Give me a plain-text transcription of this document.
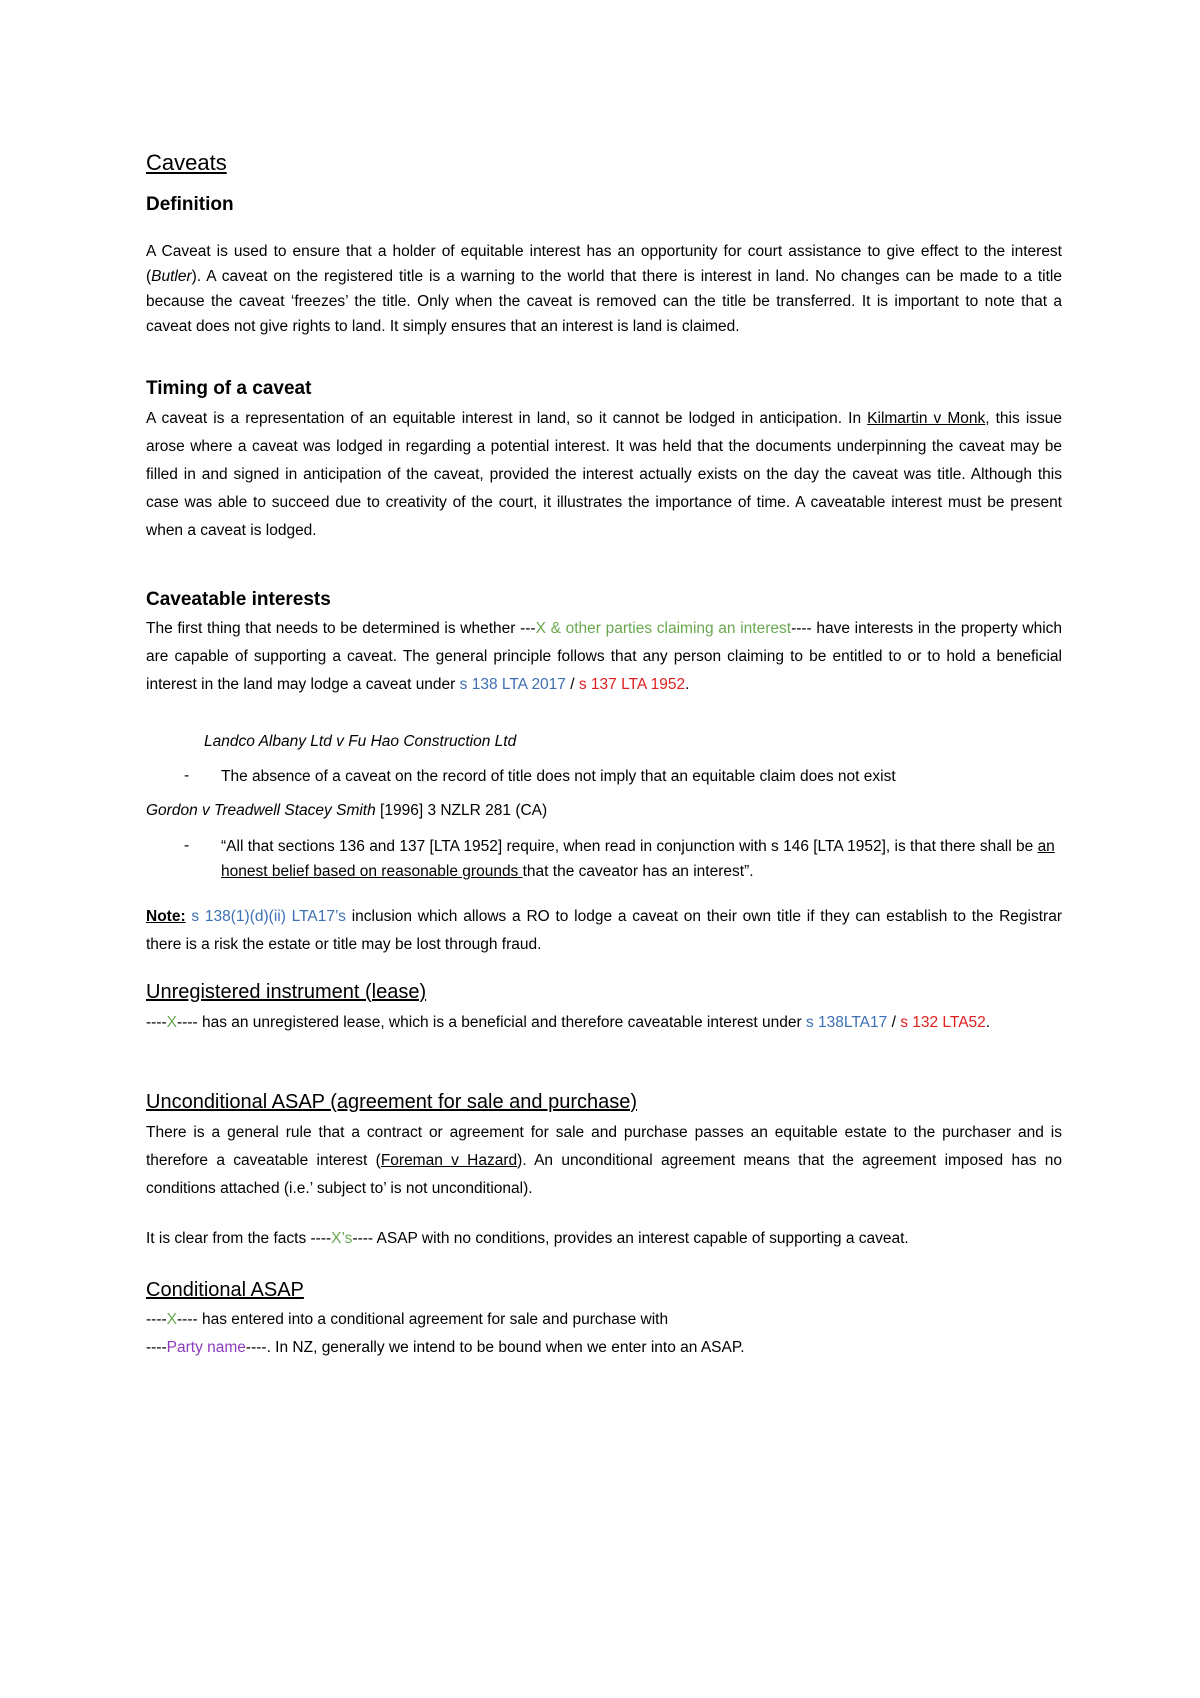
Caveats
Definition
A Caveat is used to ensure that a holder of equitable interest has an opportunity for court assistance to give effect to the interest (Butler). A caveat on the registered title is a warning to the world that there is interest in land. No changes can be made to a title because the caveat ‘freezes’ the title. Only when the caveat is removed can the title be transferred. It is important to note that a caveat does not give rights to land. It simply ensures that an interest is land is claimed.
Timing of a caveat
A caveat is a representation of an equitable interest in land, so it cannot be lodged in anticipation. In Kilmartin v Monk, this issue arose where a caveat was lodged in regarding a potential interest. It was held that the documents underpinning the caveat may be filled in and signed in anticipation of the caveat, provided the interest actually exists on the day the caveat was title. Although this case was able to succeed due to creativity of the court, it illustrates the importance of time. A caveatable interest must be present when a caveat is lodged.
Caveatable interests
The first thing that needs to be determined is whether ---X & other parties claiming an interest---- have interests in the property which are capable of supporting a caveat. The general principle follows that any person claiming to be entitled to or to hold a beneficial interest in the land may lodge a caveat under s 138 LTA 2017 / s 137 LTA 1952.
Landco Albany Ltd v Fu Hao Construction Ltd
- The absence of a caveat on the record of title does not imply that an equitable claim does not exist
Gordon v Treadwell Stacey Smith [1996] 3 NZLR 281 (CA)
- “All that sections 136 and 137 [LTA 1952] require, when read in conjunction with s 146 [LTA 1952], is that there shall be an honest belief based on reasonable grounds that the caveator has an interest”.
Note: s 138(1)(d)(ii) LTA17’s inclusion which allows a RO to lodge a caveat on their own title if they can establish to the Registrar there is a risk the estate or title may be lost through fraud.
Unregistered instrument (lease)
----X---- has an unregistered lease, which is a beneficial and therefore caveatable interest under s 138LTA17 / s 132 LTA52.
Unconditional ASAP (agreement for sale and purchase)
There is a general rule that a contract or agreement for sale and purchase passes an equitable estate to the purchaser and is therefore a caveatable interest (Foreman v Hazard). An unconditional agreement means that the agreement imposed has no conditions attached (i.e.’ subject to’ is not unconditional).
It is clear from the facts ----X’s---- ASAP with no conditions, provides an interest capable of supporting a caveat.
Conditional ASAP
----X---- has entered into a conditional agreement for sale and purchase with
----Party name----. In NZ, generally we intend to be bound when we enter into an ASAP.
